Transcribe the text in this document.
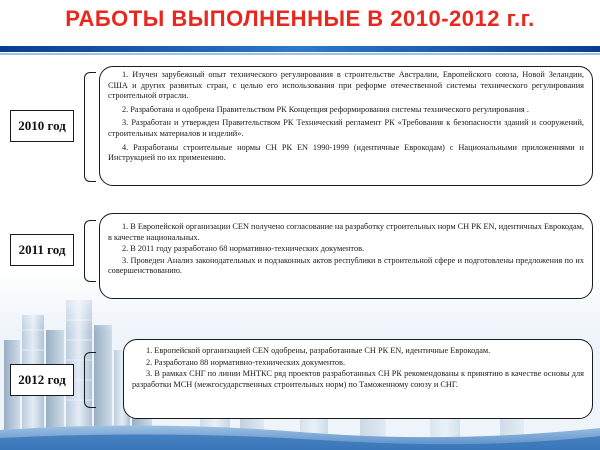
РАБОТЫ ВЫПОЛНЕННЫЕ В 2010-2012 г.г.
2010 год

1. Изучен зарубежный опыт технического регулирования в строительстве Австралии, Европейского союза, Новой Зеландии, США и других развитых стран, с целью его использования при реформе отечественной системы технического регулирования строительной отрасли.

2. Разработана и одобрена Правительством РК Концепция реформирования системы технического регулирования .

3. Разработан и утвержден Правительством РК Технический регламент РК «Требования к безопасности зданий и сооружений, строительных материалов и изделий».

4. Разработаны строительные нормы СН РК EN 1990-1999 (идентичные Еврокодам) с Национальными приложениями и Инструкцией по их применению.

2011 год

1. В Европейской организации CEN получено согласование на разработку строительных норм СН РК EN, идентичных Еврокодам, в качестве национальных.

2. В 2011 году разработано 68 нормативно-технических документов.

3. Проведен Анализ законодательных и подзаконных актов республики в строительной сфере и подготовлены предложения по их совершенствованию.

2012 год

1. Европейской организацией CEN одобрены, разработанные СН РК EN, идентичные Еврокодам.

2. Разработано 88 нормативно-технических документов.

3. В рамках СНГ по линии МНТКС ряд проектов разработанных СН РК рекомендованы к принятию в качестве основы для разработки МСН (межгосударственных строительных норм) по Таможенному союзу и СНГ.
